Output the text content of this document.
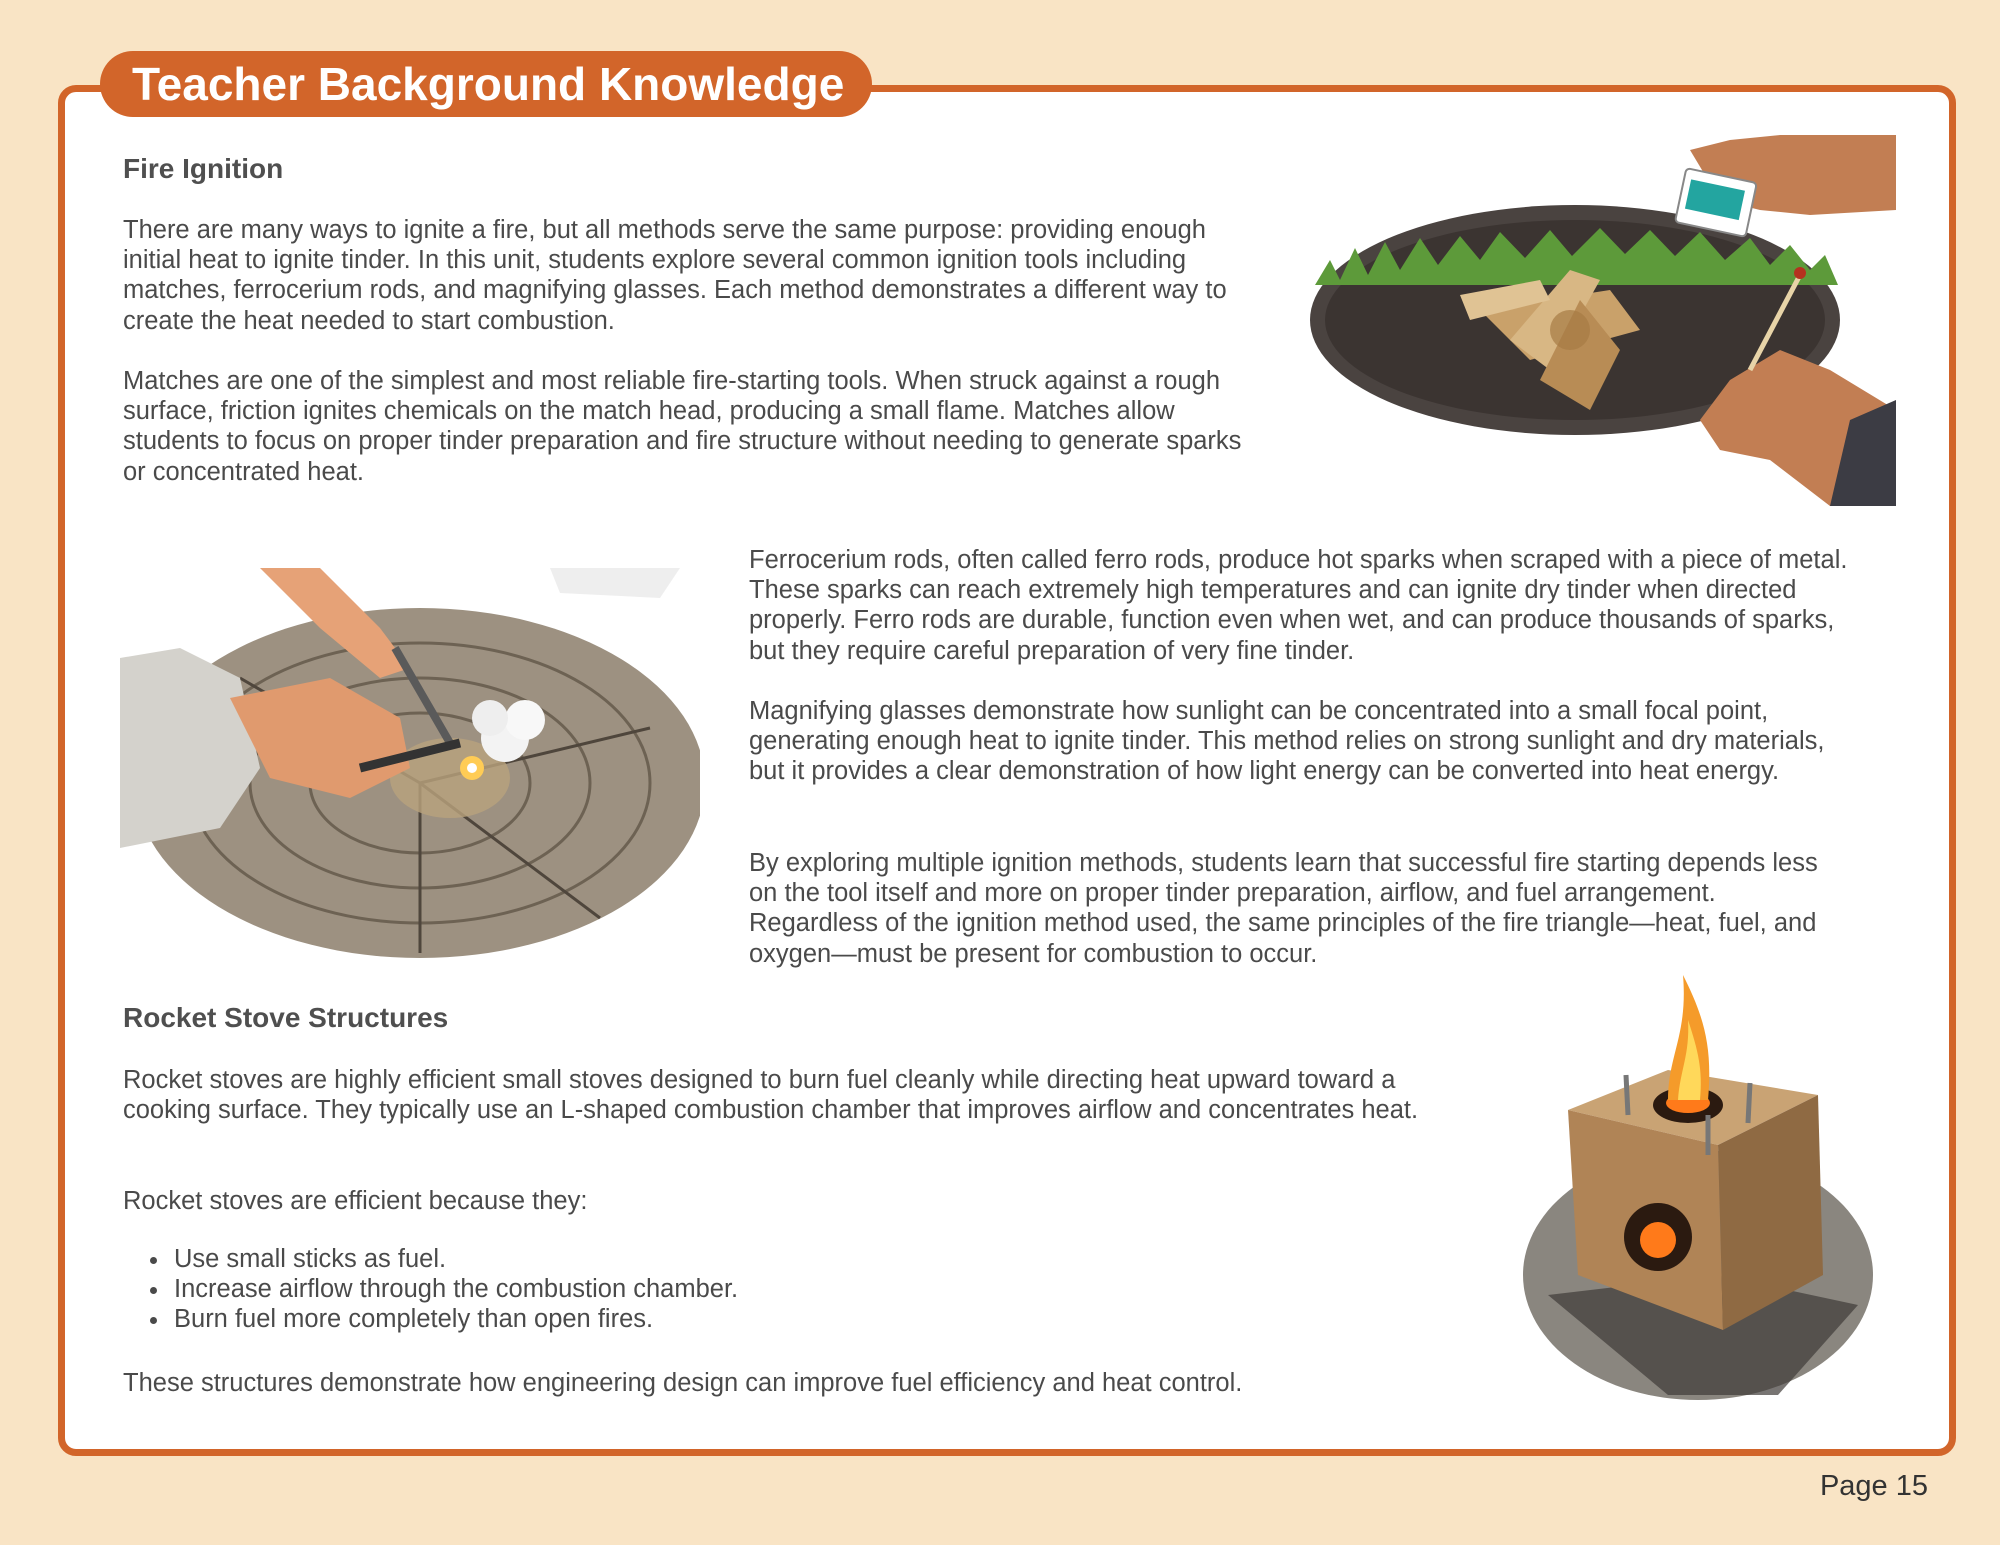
Teacher Background Knowledge
Fire Ignition

There are many ways to ignite a fire, but all methods serve the same purpose: providing enough initial heat to ignite tinder. In this unit, students explore several common ignition tools including matches, ferrocerium rods, and magnifying glasses. Each method demonstrates a different way to create the heat needed to start combustion.

Matches are one of the simplest and most reliable fire-starting tools. When struck against a rough surface, friction ignites chemicals on the match head, producing a small flame. Matches allow students to focus on proper tinder preparation and fire structure without needing to generate sparks or concentrated heat.

Ferrocerium rods, often called ferro rods, produce hot sparks when scraped with a piece of metal. These sparks can reach extremely high temperatures and can ignite dry tinder when directed properly. Ferro rods are durable, function even when wet, and can produce thousands of sparks, but they require careful preparation of very fine tinder.

Magnifying glasses demonstrate how sunlight can be concentrated into a small focal point, generating enough heat to ignite tinder. This method relies on strong sunlight and dry materials, but it provides a clear demonstration of how light energy can be converted into heat energy.

By exploring multiple ignition methods, students learn that successful fire starting depends less on the tool itself and more on proper tinder preparation, airflow, and fuel arrangement. Regardless of the ignition method used, the same principles of the fire triangle—heat, fuel, and oxygen—must be present for combustion to occur.

Rocket Stove Structures

Rocket stoves are highly efficient small stoves designed to burn fuel cleanly while directing heat upward toward a cooking surface. They typically use an L-shaped combustion chamber that improves airflow and concentrates heat.

Rocket stoves are efficient because they:

Use small sticks as fuel.
Increase airflow through the combustion chamber.
Burn fuel more completely than open fires.

These structures demonstrate how engineering design can improve fuel efficiency and heat control.

Page 15
